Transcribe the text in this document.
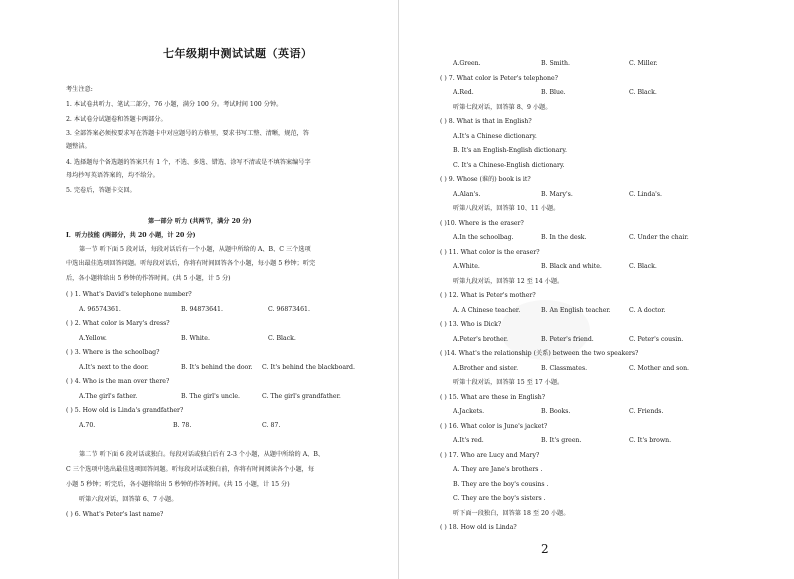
七年级期中测试试题（英语）
考生注意:
1. 本试卷共听力、笔试二部分，76 小题，满分 100 分。考试时间 100 分钟。
2. 本试卷分试题卷和答题卡两部分。
3. 全部答案必须按要求写在答题卡中对应题号的方格里，要求书写工整、清晰，规范，答
题整洁。
4. 选择题每个备选题的答案只有 1 个，不选、多选、错选、涂写不清或是不填答案编号字
母均抄写英语答案的，均不给分。
5. 完卷后，答题卡交回。
第一部分 听力 (共两节，满分 20 分)
I．听力技能 (两部分，共 20 小题，计 20 分)
第一节 听下面 5 段对话，每段对话后有一个小题，从题中所给的 A、B、C 三个选项
中选出最佳选项回答问题。听每段对话后，你将有时间回答各个小题，每小题 5 秒钟；听完
后，各小题将给出 5 秒钟的作答时间。(共 5 小题，计 5 分)
( ) 1. What's David's telephone number?
A. 96574361.	B. 94873641.	C. 96873461.
( ) 2. What color is Mary's dress?
A.Yellow.	B. White.	C. Black.
( ) 3. Where is the schoolbag?
A.It's next to the door.	B. It's behind the door. C. It's behind the blackboard.
( ) 4. Who is the man over there?
A.The girl's father.	B. The girl's uncle.	C. The girl's grandfather.
( ) 5. How old is Linda's grandfather?
A.70.	B. 78.	C. 87.
第二节 听下面 6 段对话或独白。每段对话或独白后有 2-3 个小题，从题中所给的 A、B、
C 三个选项中选出最佳选项回答问题。听每段对话或独白前，你将有时间阅读各个小题，每
小题 5 秒钟；听完后，各小题将给出 5 秒钟的作答时间。(共 15 小题，计 15 分)
听第六段对话，回答第 6、7 小题。
( ) 6. What's Peter's last name?
A.Green.	B. Smith.	C. Miller.
( ) 7. What color is Peter's telephone?
A.Red.	B. Blue.	C. Black.
听第七段对话，回答第 8、9 小题。
( ) 8. What is that in English?
A.It's a Chinese dictionary.
B. It's an English-English dictionary.
C. It's a Chinese-English dictionary.
( ) 9. Whose (谁的) book is it?
A.Alan's.	B. Mary's.	C. Linda's.
听第八段对话，回答第 10、11 小题。
( )10. Where is the eraser?
A.In the schoolbag.	B. In the desk.	C. Under the chair.
( ) 11. What color is the eraser?
A.White.	B. Black and white.	C. Black.
听第九段对话，回答第 12 至 14 小题。
( ) 12. What is Peter's mother?
A. A Chinese teacher.	B. An English teacher.	C. A doctor.
( ) 13. Who is Dick?
A.Peter's brother.	B. Peter's friend.	C. Peter's cousin.
( )14. What's the relationship (关系) between the two speakers?
A.Brother and sister.	B. Classmates.	C. Mother and son.
听第十段对话，回答第 15 至 17 小题。
( ) 15. What are these in English?
A.Jackets.	B. Books.	C. Friends.
( ) 16. What color is June's jacket?
A.It's red.	B. It's green.	C. It's brown.
( ) 17. Who are Lucy and Mary?
A. They are Jane's brothers .
B. They are the boy's cousins .
C. They are the boy's sisters .
听下面一段独白，回答第 18 至 20 小题。
( ) 18. How old is Linda?
2
